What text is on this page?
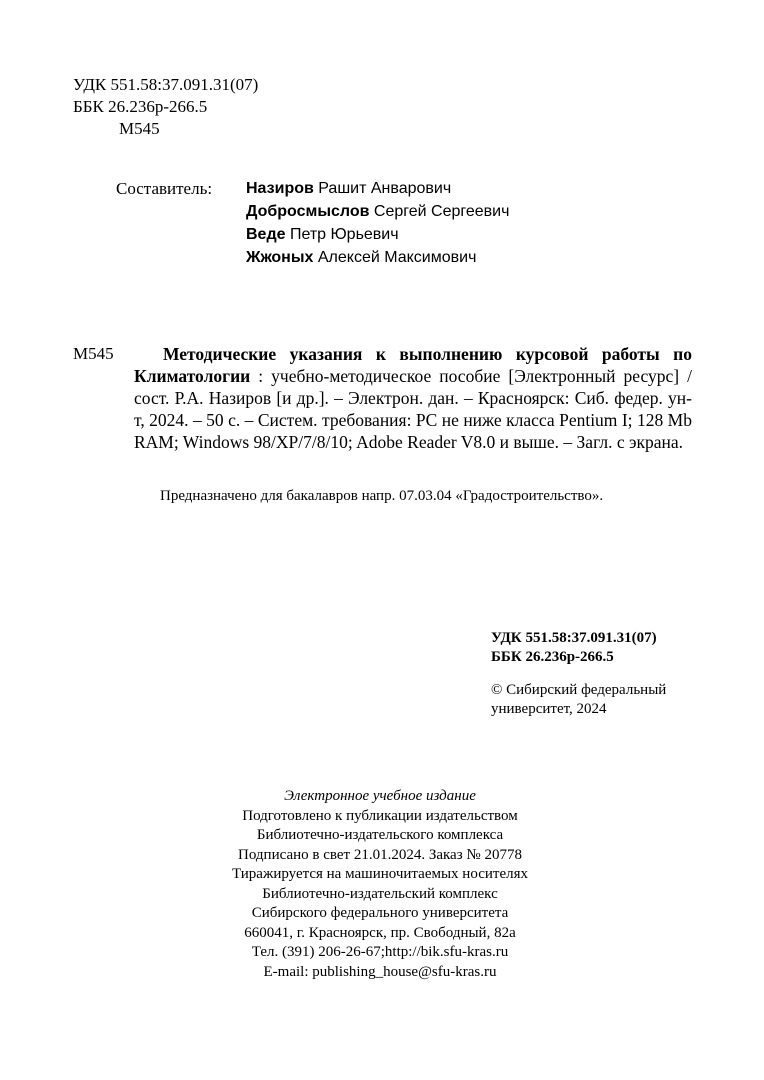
УДК 551.58:37.091.31(07)
ББК 26.236р-266.5
М545
Составитель: Назиров Рашит Анварович
Добросмыслов Сергей Сергеевич
Веде Петр Юрьевич
Жжоных Алексей Максимович
М545	Методические указания к выполнению курсовой работы по Климатологии : учебно-методическое пособие [Электронный ресурс] / сост. Р.А. Назиров [и др.]. – Электрон. дан. – Красноярск: Сиб. федер. ун-т, 2024. – 50 с. – Систем. требования: PC не ниже класса Pentium I; 128 Mb RAM; Windows 98/XP/7/8/10; Adobe Reader V8.0 и выше. – Загл. с экрана.

Предназначено для бакалавров напр. 07.03.04 «Градостроительство».
УДК 551.58:37.091.31(07)
ББК 26.236р-266.5
© Сибирский федеральный
университет, 2024
Электронное учебное издание
Подготовлено к публикации издательством
Библиотечно-издательского комплекса
Подписано в свет 21.01.2024. Заказ № 20778
Тиражируется на машиночитаемых носителях
Библиотечно-издательский комплекс
Сибирского федерального университета
660041, г. Красноярск, пр. Свободный, 82а
Тел. (391) 206-26-67;http://bik.sfu-kras.ru
E-mail: publishing_house@sfu-kras.ru
